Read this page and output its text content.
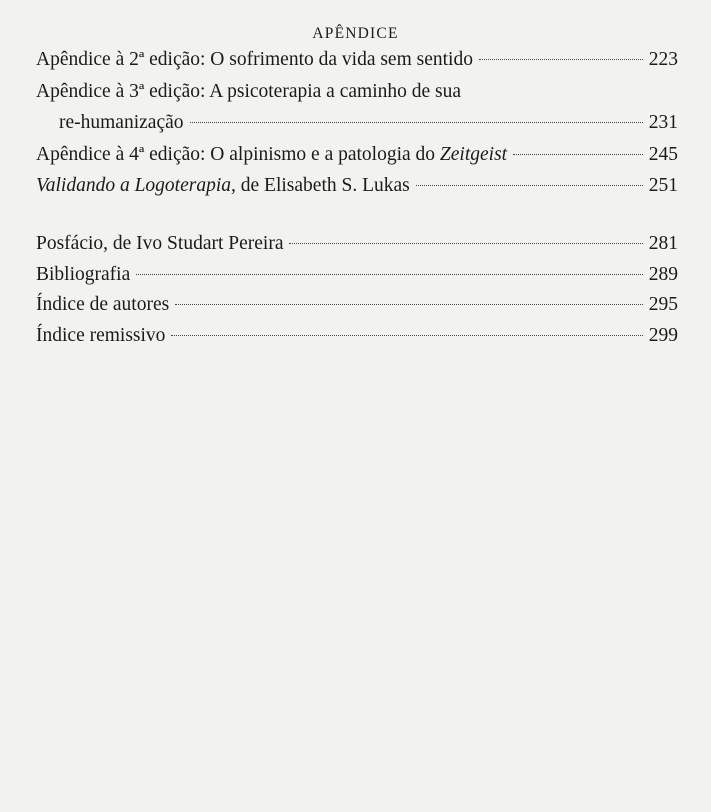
APÊNDICE
Apêndice à 2ª edição: O sofrimento da vida sem sentido	223
Apêndice à 3ª edição: A psicoterapia a caminho de sua
re-humanização	231
Apêndice à 4ª edição: O alpinismo e a patologia do Zeitgeist	245
Validando a Logoterapia, de Elisabeth S. Lukas	251
Posfácio, de Ivo Studart Pereira	281
Bibliografia	289
Índice de autores	295
Índice remissivo	299
